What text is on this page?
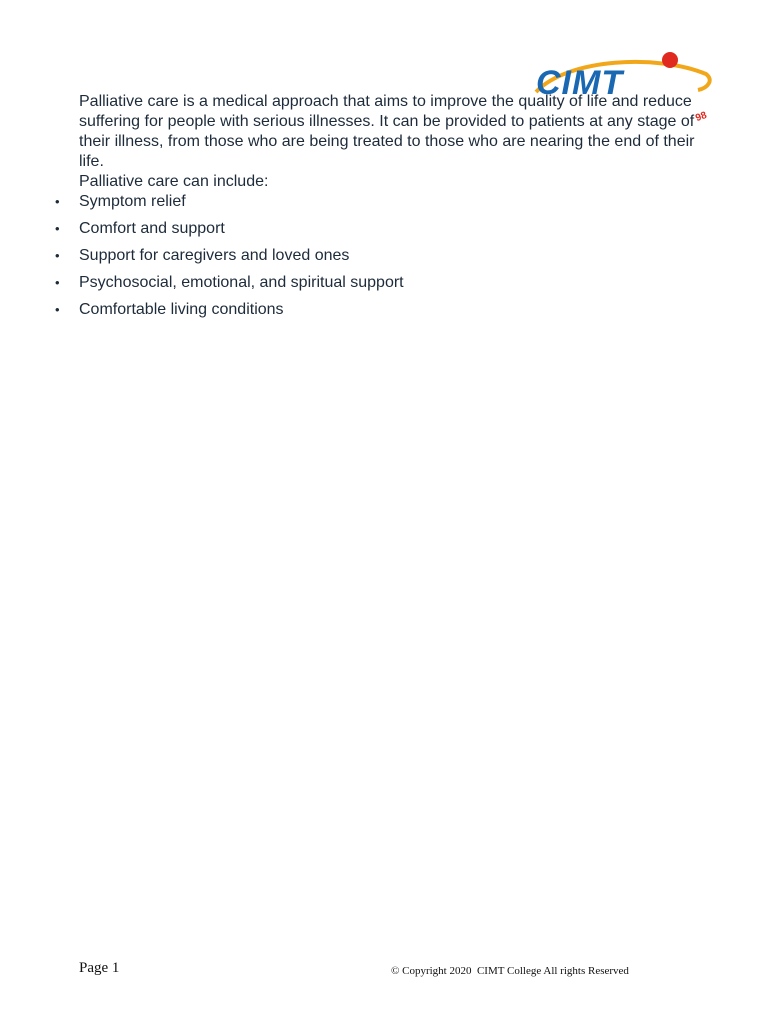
CIMT
98

Palliative care is a medical approach that aims to improve the quality of life and reduce suffering for people with serious illnesses. It can be provided to patients at any stage of their illness, from those who are being treated to those who are nearing the end of their life.

Palliative care can include:

• Symptom relief
• Comfort and support
• Support for caregivers and loved ones
• Psychosocial, emotional, and spiritual support
• Comfortable living conditions
Page 1	© Copyright 2020  CIMT College All rights Reserved
